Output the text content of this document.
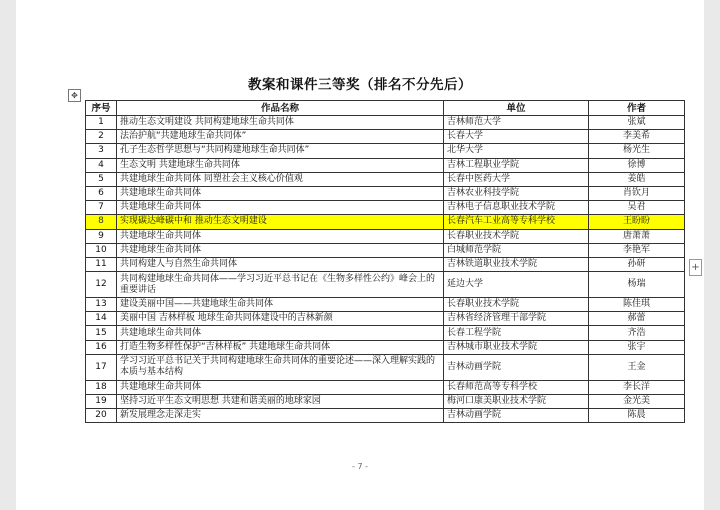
教案和课件三等奖（排名不分先后）
✥
序号	作品名称	单位	作者
1	推动生态文明建设 共同构建地球生命共同体	吉林师范大学	张斌
2	法治护航“共建地球生命共同体”	长春大学	李美希
3	孔子生态哲学思想与“共同构建地球生命共同体”	北华大学	杨光生
4	生态文明 共建地球生命共同体	吉林工程职业学院	徐博
5	共建地球生命共同体 同塑社会主义核心价值观	长春中医药大学	姜皓
6	共建地球生命共同体	吉林农业科技学院	肖钦月
7	共建地球生命共同体	吉林电子信息职业技术学院	吴君
8	实现碳达峰碳中和 推动生态文明建设	长春汽车工业高等专科学校	王盼盼
9	共建地球生命共同体	长春职业技术学院	唐萧萧
10	共建地球生命共同体	白城师范学院	李艳军
11	共同构建人与自然生命共同体	吉林铁道职业技术学院	孙研
12	共同构建地球生命共同体——学习习近平总书记在《生物多样性公约》峰会上的重要讲话	延边大学	杨瑞
13	建设美丽中国——共建地球生命共同体	长春职业技术学院	陈佳琪
14	美丽中国 吉林样板 地球生命共同体建设中的吉林新颜	吉林省经济管理干部学院	郝蕾
15	共建地球生命共同体	长春工程学院	齐浩
16	打造生物多样性保护“吉林样板” 共建地球生命共同体	吉林城市职业技术学院	张宇
17	学习习近平总书记关于共同构建地球生命共同体的重要论述——深入理解实践的本质与基本结构	吉林动画学院	王金
18	共建地球生命共同体	长春师范高等专科学校	李长洋
19	坚持习近平生态文明思想 共建和谐美丽的地球家园	梅河口康美职业技术学院	金光美
20	新发展理念走深走实	吉林动画学院	陈晨
- 7 -
+
